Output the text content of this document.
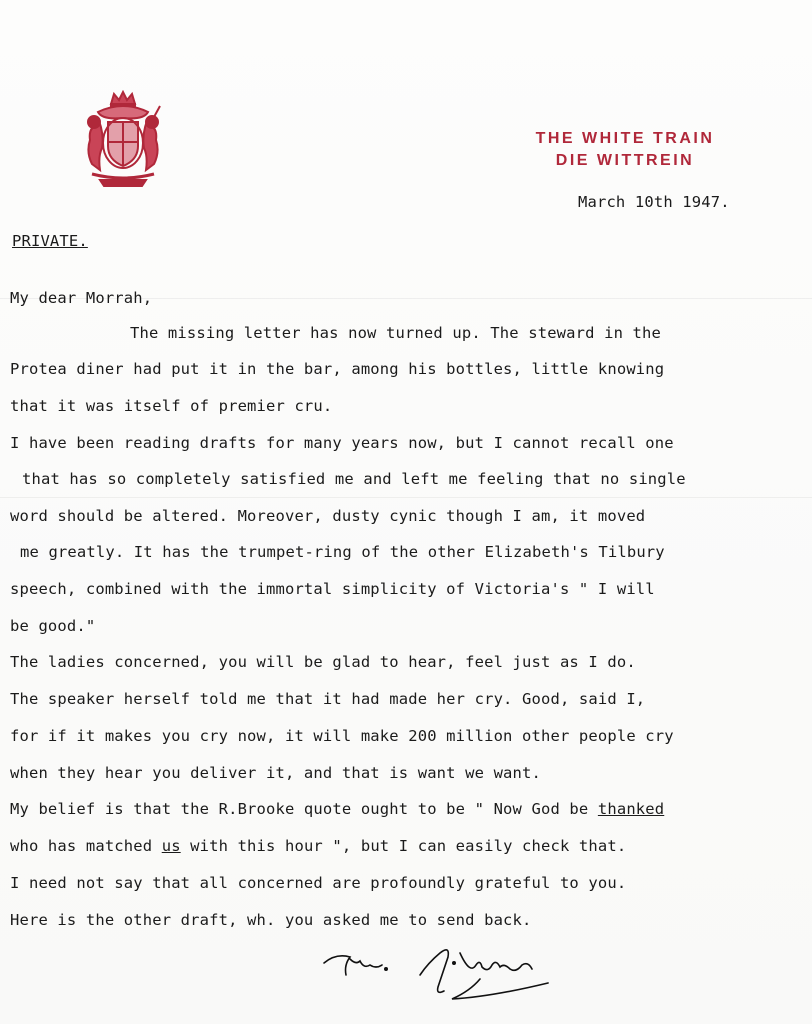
THE WHITE TRAIN
DIE WITTREIN
March 10th 1947.
PRIVATE.
My dear Morrah,
The missing letter has now turned up. The steward in the
Protea diner had put it in the bar, among his bottles, little knowing
that it was itself of premier cru.
I have been reading drafts for many years now, but I cannot recall one
that has so completely satisfied me and left me feeling that no single
word should be altered. Moreover, dusty cynic though I am, it moved
me greatly. It has the trumpet-ring of the other Elizabeth's Tilbury
speech, combined with the immortal simplicity of Victoria's " I will
be good."
The ladies concerned, you will be glad to hear, feel just as I do.
The speaker herself told me that it had made her cry. Good, said I,
for if it makes you cry now, it will make 200 million other people cry
when they hear you deliver it, and that is want we want.
My belief is that the R.Brooke quote ought to be " Now God be thanked
who has matched us with this hour ", but I can easily check that.
I need not say that all concerned are profoundly grateful to you.
Here is the other draft, wh. you asked me to send back.
